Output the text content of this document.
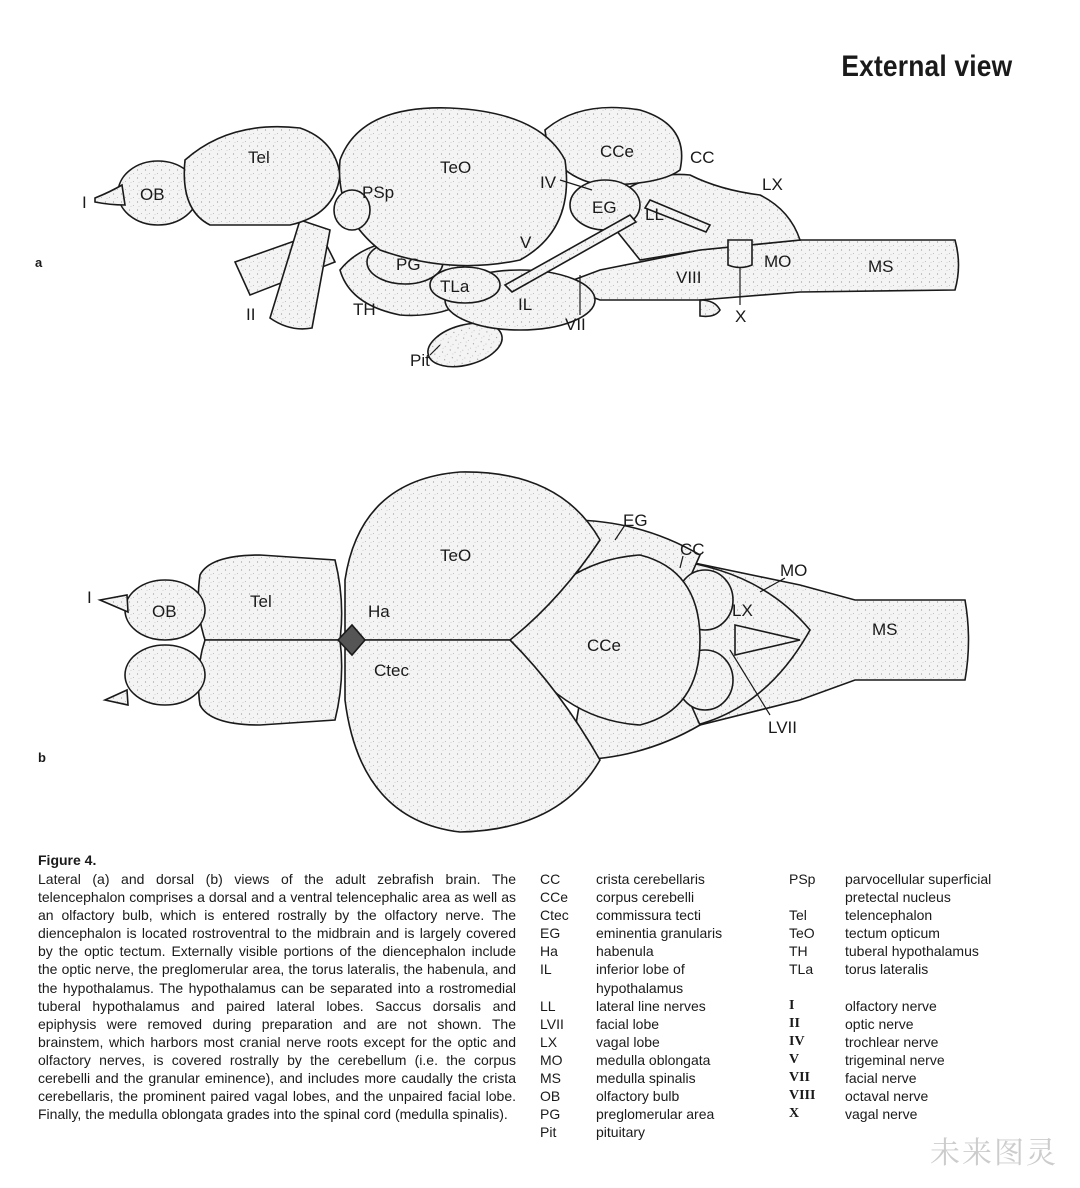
External view
a
I	OB
Tel
TeO
CCe	CC
LX
PSp
IV
EG LL
V
MO	MS
PG
TLa
IL
VIII
II	TH
VII	X
Pit
b
I
OB
Tel
TeO
Ha
Ctec
EG
CC
MO
LX
CCe
MS
LVII
Figure 4.
Lateral (a) and dorsal (b) views of the adult zebrafish brain. The telencephalon comprises a dorsal and a ventral telencephalic area as well as an olfactory bulb, which is entered rostrally by the olfactory nerve. The diencephalon is located rostroventral to the midbrain and is largely covered by the optic tectum. Externally visible portions of the diencephalon include the optic nerve, the preglomerular area, the torus lateralis, the habenula, and the hypothalamus. The hypothalamus can be separated into a rostromedial tuberal hypothalamus and paired lateral lobes. Saccus dorsalis and epiphysis were removed during preparation and are not shown. The brainstem, which harbors most cranial nerve roots except for the optic and olfactory nerves, is covered rostrally by the cerebellum (i.e. the corpus cerebelli and the granular eminence), and includes more caudally the crista cerebellaris, the prominent paired vagal lobes, and the unpaired facial lobe. Finally, the medulla oblongata grades into the spinal cord (medulla spinalis).
CC	crista cerebellaris
CCe	corpus cerebelli
Ctec	commissura tecti
EG	eminentia granularis
Ha	habenula
IL	inferior lobe of
hypothalamus
LL	lateral line nerves
LVII	facial lobe
LX	vagal lobe
MO	medulla oblongata
MS	medulla spinalis
OB	olfactory bulb
PG	preglomerular area
Pit	pituitary
PSp	parvocellular superficial
pretectal nucleus
Tel	telencephalon
TeO	tectum opticum
TH	tuberal hypothalamus
TLa	torus lateralis
I	olfactory nerve
II	optic nerve
IV	trochlear nerve
V	trigeminal nerve
VII	facial nerve
VIII	octaval nerve
X	vagal nerve
未来图灵
